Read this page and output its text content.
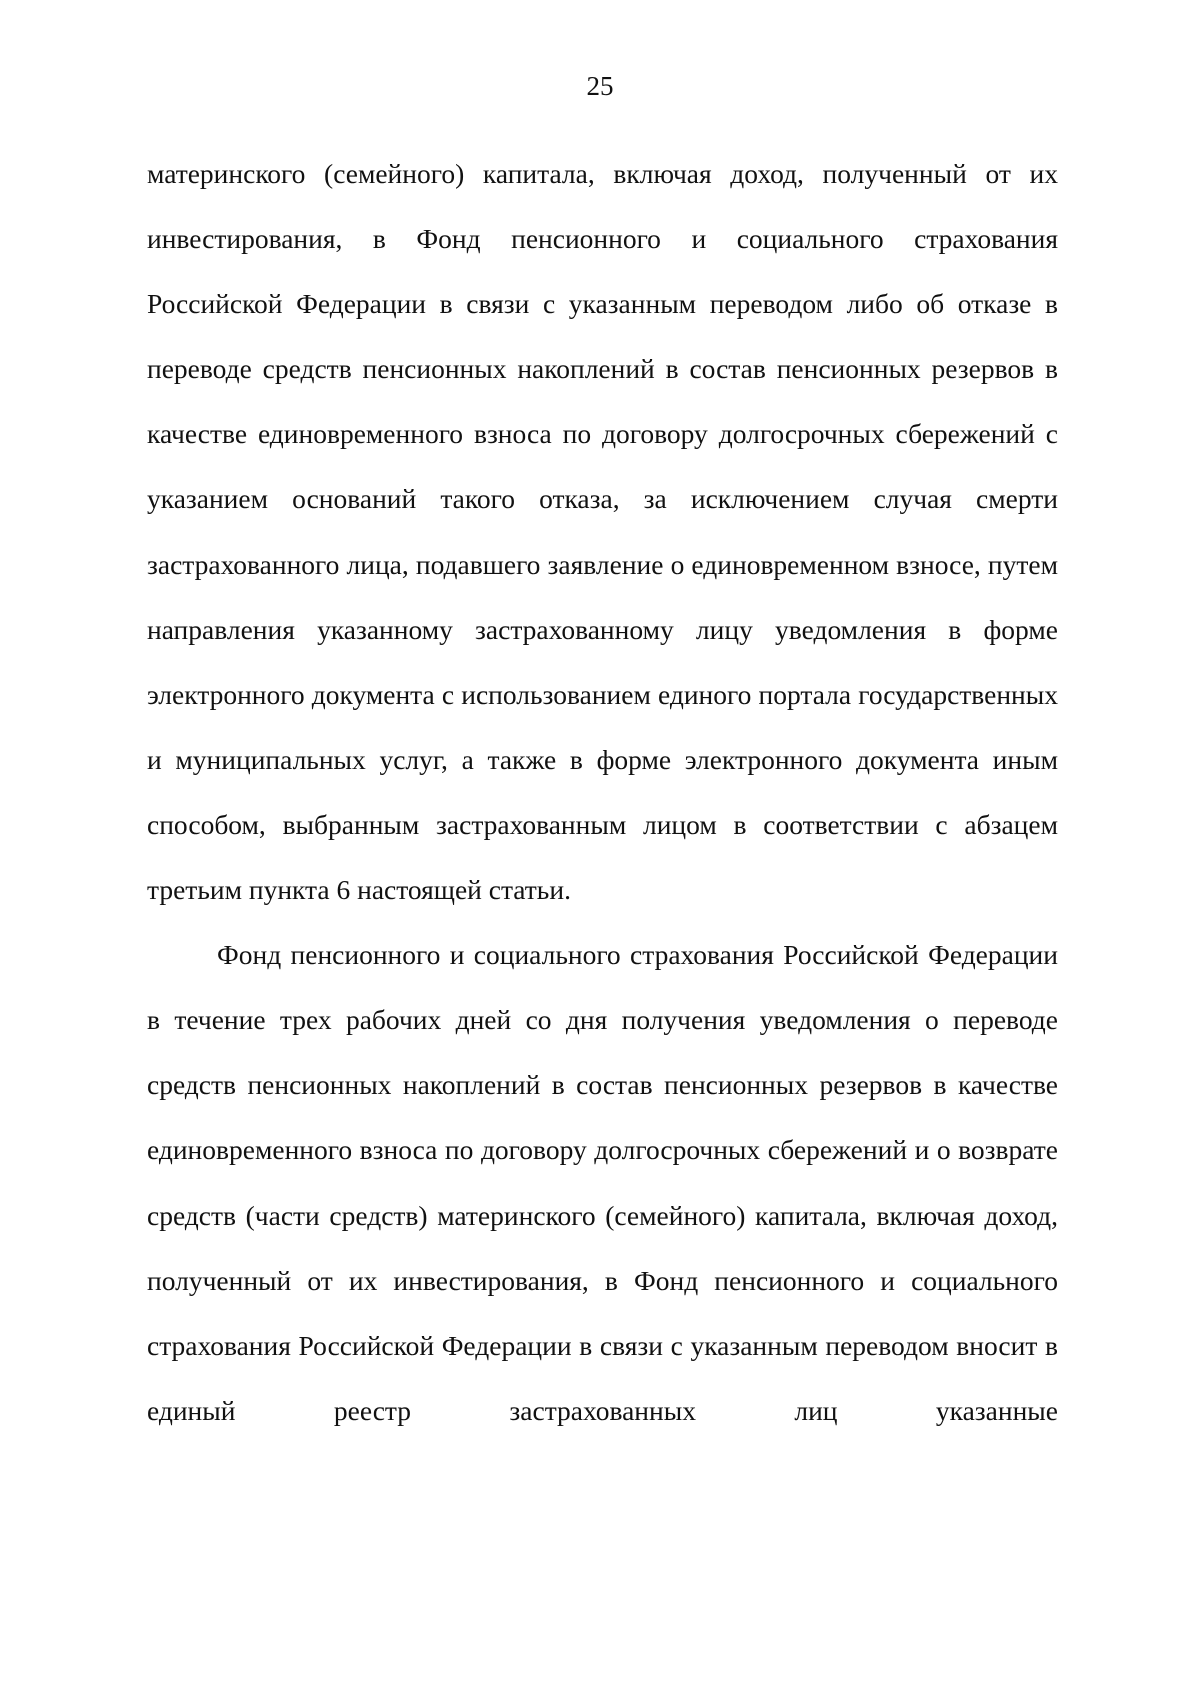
25

материнского (семейного) капитала, включая доход, полученный от их инвестирования, в Фонд пенсионного и социального страхования Российской Федерации в связи с указанным переводом либо об отказе в переводе средств пенсионных накоплений в состав пенсионных резервов в качестве единовременного взноса по договору долгосрочных сбережений с указанием оснований такого отказа, за исключением случая смерти застрахованного лица, подавшего заявление о единовременном взносе, путем направления указанному застрахованному лицу уведомления в форме электронного документа с использованием единого портала государственных и муниципальных услуг, а также в форме электронного документа иным способом, выбранным застрахованным лицом в соответствии с абзацем третьим пункта 6 настоящей статьи.

Фонд пенсионного и социального страхования Российской Федерации в течение трех рабочих дней со дня получения уведомления о переводе средств пенсионных накоплений в состав пенсионных резервов в качестве единовременного взноса по договору долгосрочных сбережений и о возврате средств (части средств) материнского (семейного) капитала, включая доход, полученный от их инвестирования, в Фонд пенсионного и социального страхования Российской Федерации в связи с указанным переводом вносит в единый реестр застрахованных лиц указанные
